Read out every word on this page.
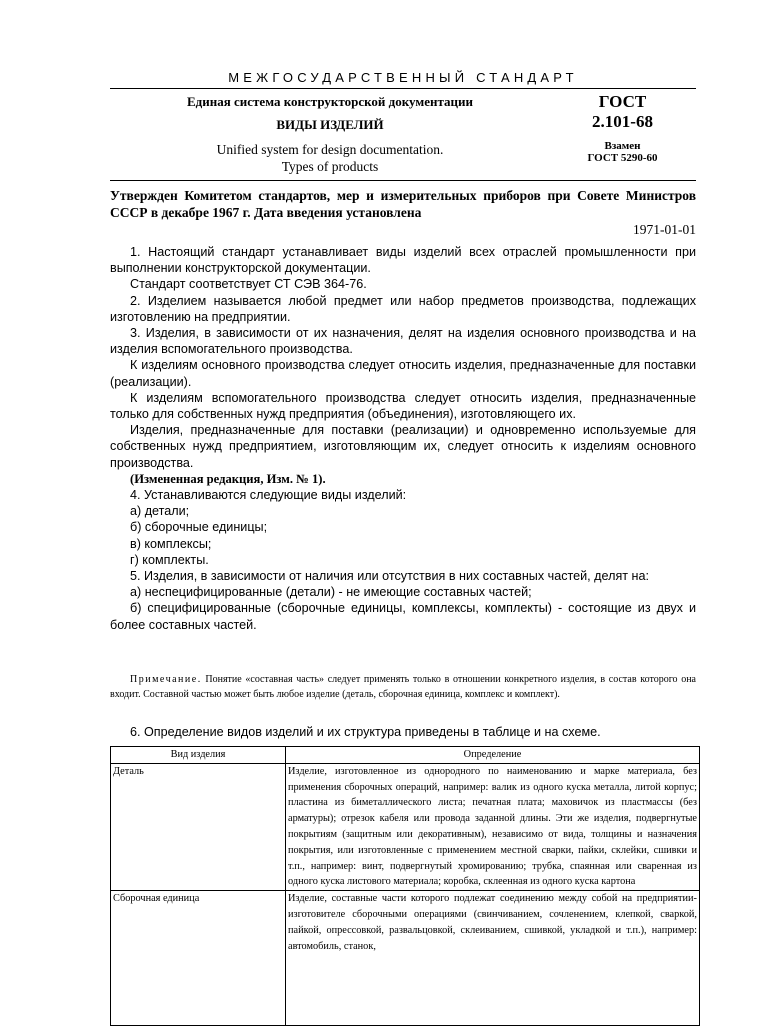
МЕЖГОСУДАРСТВЕННЫЙ СТАНДАРТ
Единая система конструкторской документации
ВИДЫ ИЗДЕЛИЙ
Unified system for design documentation.
Types of products
ГОСТ
2.101-68
Взамен
ГОСТ 5290-60
Утвержден Комитетом стандартов, мер и измерительных приборов при Совете Министров СССР в декабре 1967 г. Дата введения установлена
1971-01-01

1. Настоящий стандарт устанавливает виды изделий всех отраслей промышленности при выполнении конструкторской документации.

Стандарт соответствует СТ СЭВ 364-76.

2. Изделием называется любой предмет или набор предметов производства, подлежащих изготовлению на предприятии.

3. Изделия, в зависимости от их назначения, делят на изделия основного производства и на изделия вспомогательного производства.

К изделиям основного производства следует относить изделия, предназначенные для поставки (реализации).

К изделиям вспомогательного производства следует относить изделия, предназначенные только для собственных нужд предприятия (объединения), изготовляющего их.

Изделия, предназначенные для поставки (реализации) и одновременно используемые для собственных нужд предприятием, изготовляющим их, следует относить к изделиям основного производства.

(Измененная редакция, Изм. № 1).

4. Устанавливаются следующие виды изделий:

а) детали;

б) сборочные единицы;

в) комплексы;

г) комплекты.

5. Изделия, в зависимости от наличия или отсутствия в них составных частей, делят на:

а) неспецифицированные (детали) - не имеющие составных частей;

б) специфицированные (сборочные единицы, комплексы, комплекты) - состоящие из двух и более составных частей.

Примечание. Понятие «составная часть» следует применять только в отношении конкретного изделия, в состав которого она входит. Составной частью может быть любое изделие (деталь, сборочная единица, комплекс и комплект).
6. Определение видов изделий и их структура приведены в таблице и на схеме.
Вид изделия	Определение
Деталь	Изделие, изготовленное из однородного по наименованию и марке материала, без применения сборочных операций, например: валик из одного куска металла, литой корпус; пластина из биметаллического листа; печатная плата; маховичок из пластмассы (без арматуры); отрезок кабеля или провода заданной длины. Эти же изделия, подвергнутые покрытиям (защитным или декоративным), независимо от вида, толщины и назначения покрытия, или изготовленные с применением местной сварки, пайки, склейки, сшивки и т.п., например: винт, подвергнутый хромированию; трубка, спаянная или сваренная из одного куска листового материала; коробка, склеенная из одного куска картона
Сборочная единица	Изделие, составные части которого подлежат соединению между собой на предприятии-изготовителе сборочными операциями (свинчиванием, сочленением, клепкой, сваркой, пайкой, опрессовкой, развальцовкой, склеиванием, сшивкой, укладкой и т.п.), например: автомобиль, станок,
